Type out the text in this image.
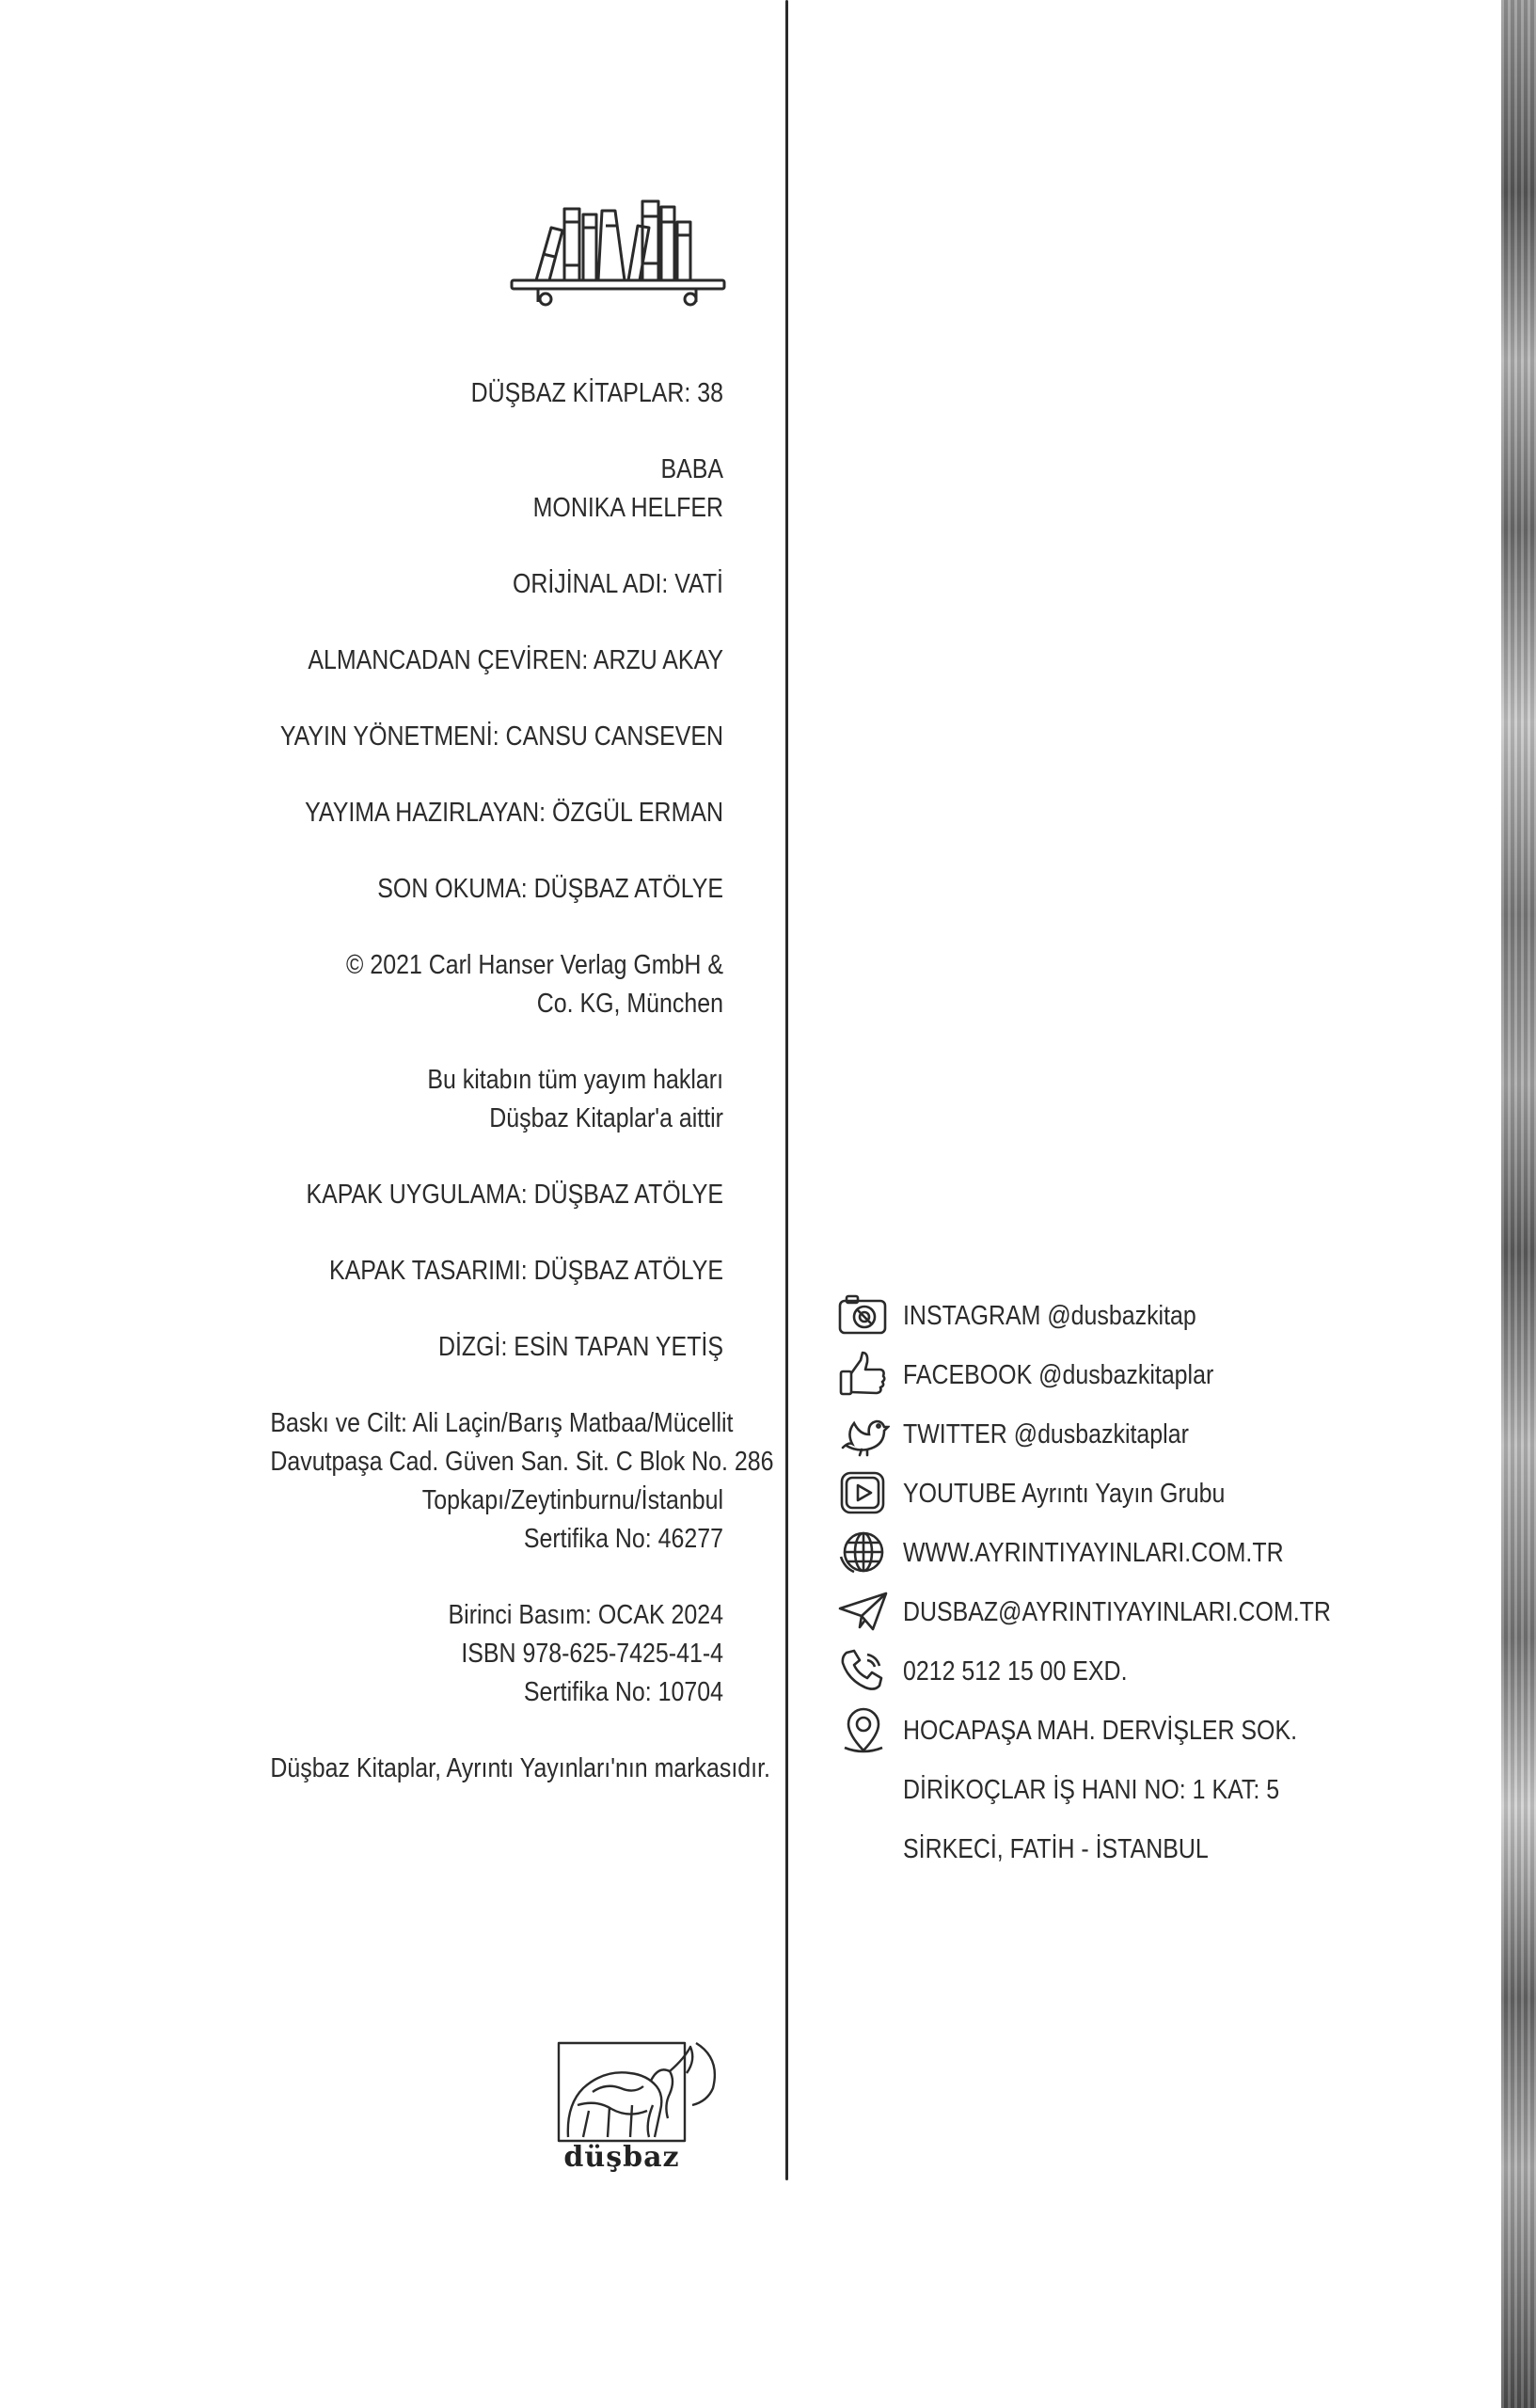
DÜŞBAZ KİTAPLAR: 38
BABA
MONIKA HELFER
ORİJİNAL ADI: VATİ
ALMANCADAN ÇEVİREN: ARZU AKAY
YAYIN YÖNETMENİ: CANSU CANSEVEN
YAYIMA HAZIRLAYAN: ÖZGÜL ERMAN
SON OKUMA: DÜŞBAZ ATÖLYE
© 2021 Carl Hanser Verlag GmbH &
Co. KG, München
Bu kitabın tüm yayım hakları
Düşbaz Kitaplar'a aittir
KAPAK UYGULAMA: DÜŞBAZ ATÖLYE
KAPAK TASARIMI: DÜŞBAZ ATÖLYE
DİZGİ: ESİN TAPAN YETİŞ
Baskı ve Cilt: Ali Laçin/Barış Matbaa/Mücellit
Davutpaşa Cad. Güven San. Sit. C Blok No. 286
Topkapı/Zeytinburnu/İstanbul
Sertifika No: 46277
Birinci Basım: OCAK 2024
ISBN 978-625-7425-41-4
Sertifika No: 10704
Düşbaz Kitaplar, Ayrıntı Yayınları'nın markasıdır.
INSTAGRAM @dusbazkitap
FACEBOOK @dusbazkitaplar
TWITTER @dusbazkitaplar
YOUTUBE Ayrıntı Yayın Grubu
WWW.AYRINTIYAYINLARI.COM.TR
DUSBAZ@AYRINTIYAYINLARI.COM.TR
0212 512 15 00 EXD.
HOCAPAŞA MAH. DERVİŞLER SOK.
DİRİKOÇLAR İŞ HANI NO: 1 KAT: 5
SİRKECİ, FATİH - İSTANBUL
düşbaz
